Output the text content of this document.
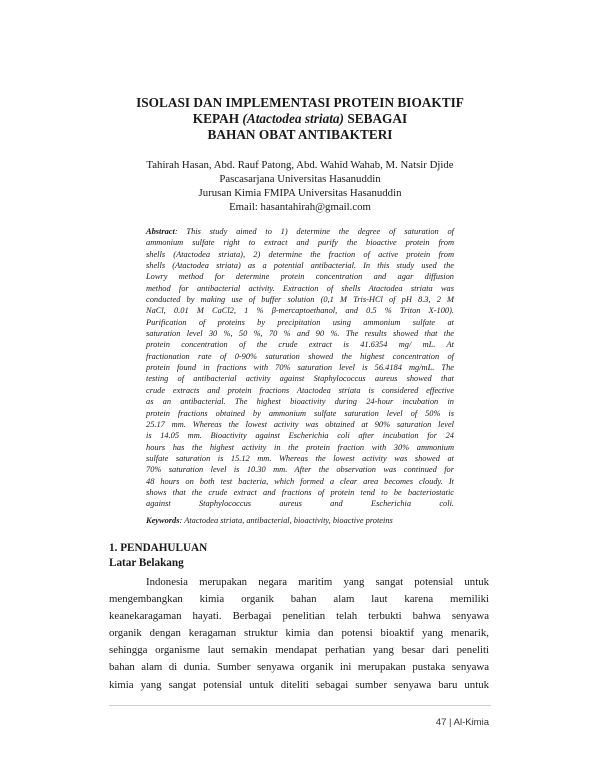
ISOLASI DAN IMPLEMENTASI PROTEIN BIOAKTIF
KEPAH (Atactodea striata) SEBAGAI
BAHAN OBAT ANTIBAKTERI
Tahirah Hasan, Abd. Rauf Patong, Abd. Wahid Wahab, M. Natsir Djide
Pascasarjana Universitas Hasanuddin
Jurusan Kimia FMIPA Universitas Hasanuddin
Email: hasantahirah@gmail.com
Abstract: This study aimed to 1) determine the degree of saturation of
ammonium sulfate right to extract and purify the bioactive protein from
shells (Atactodea striata), 2) determine the fraction of active protein from
shells (Atactodea striata) as a potential antibacterial. In this study used the
Lowry method for determine protein concentration and agar diffusion
method for antibacterial activity. Extraction of shells Atactodea striata was
conducted by making use of buffer solution (0,1 M Tris-HCl of pH 8.3, 2 M
NaCl, 0.01 M CaCl2, 1 % β-mercaptoethanol, and 0.5 % Triton X-100).
Purification of proteins by precipitation using ammonium sulfate at
saturation level 30 %, 50 %, 70 % and 90 %. The results showed that the
protein concentration of the crude extract is 41.6354 mg/ mL. At
fractionation rate of 0-90% saturation showed the highest concentration of
protein found in fractions with 70% saturation level is 56.4184 mg/mL. The
testing of antibacterial activity against Staphylococcus aureus showed that
crude extracts and protein fractions Atactodea striata is considered effective
as an antibacterial. The highest bioactivity during 24-hour incubation in
protein fractions obtained by ammonium sulfate saturation level of 50% is
25.17 mm. Whereas the lowest activity was obtained at 90% saturation level
is 14.05 mm. Bioactivity against Escherichia coli after incubation for 24
hours has the highest activity in the protein fraction with 30% ammonium
sulfate saturation is 15.12 mm. Whereas the lowest activity was showed at
70% saturation level is 10.30 mm. After the observation was continued for
48 hours on both test bacteria, which formed a clear area becomes cloudy. It
shows that the crude extract and fractions of protein tend to be bacteriostatic
against Staphylococcus aureus and Escherichia coli.
Keywords: Atactodea striata, antibacterial, bioactivity, bioactive proteins
1. PENDAHULUAN
Latar Belakang
Indonesia merupakan negara maritim yang sangat potensial untuk
mengembangkan kimia organik bahan alam laut karena memiliki
keanekaragaman hayati. Berbagai penelitian telah terbukti bahwa senyawa
organik dengan keragaman struktur kimia dan potensi bioaktif yang menarik,
sehingga organisme laut semakin mendapat perhatian yang besar dari peneliti
bahan alam di dunia. Sumber senyawa organik ini merupakan pustaka senyawa
kimia yang sangat potensial untuk diteliti sebagai sumber senyawa baru untuk
47 | Al-Kimia
